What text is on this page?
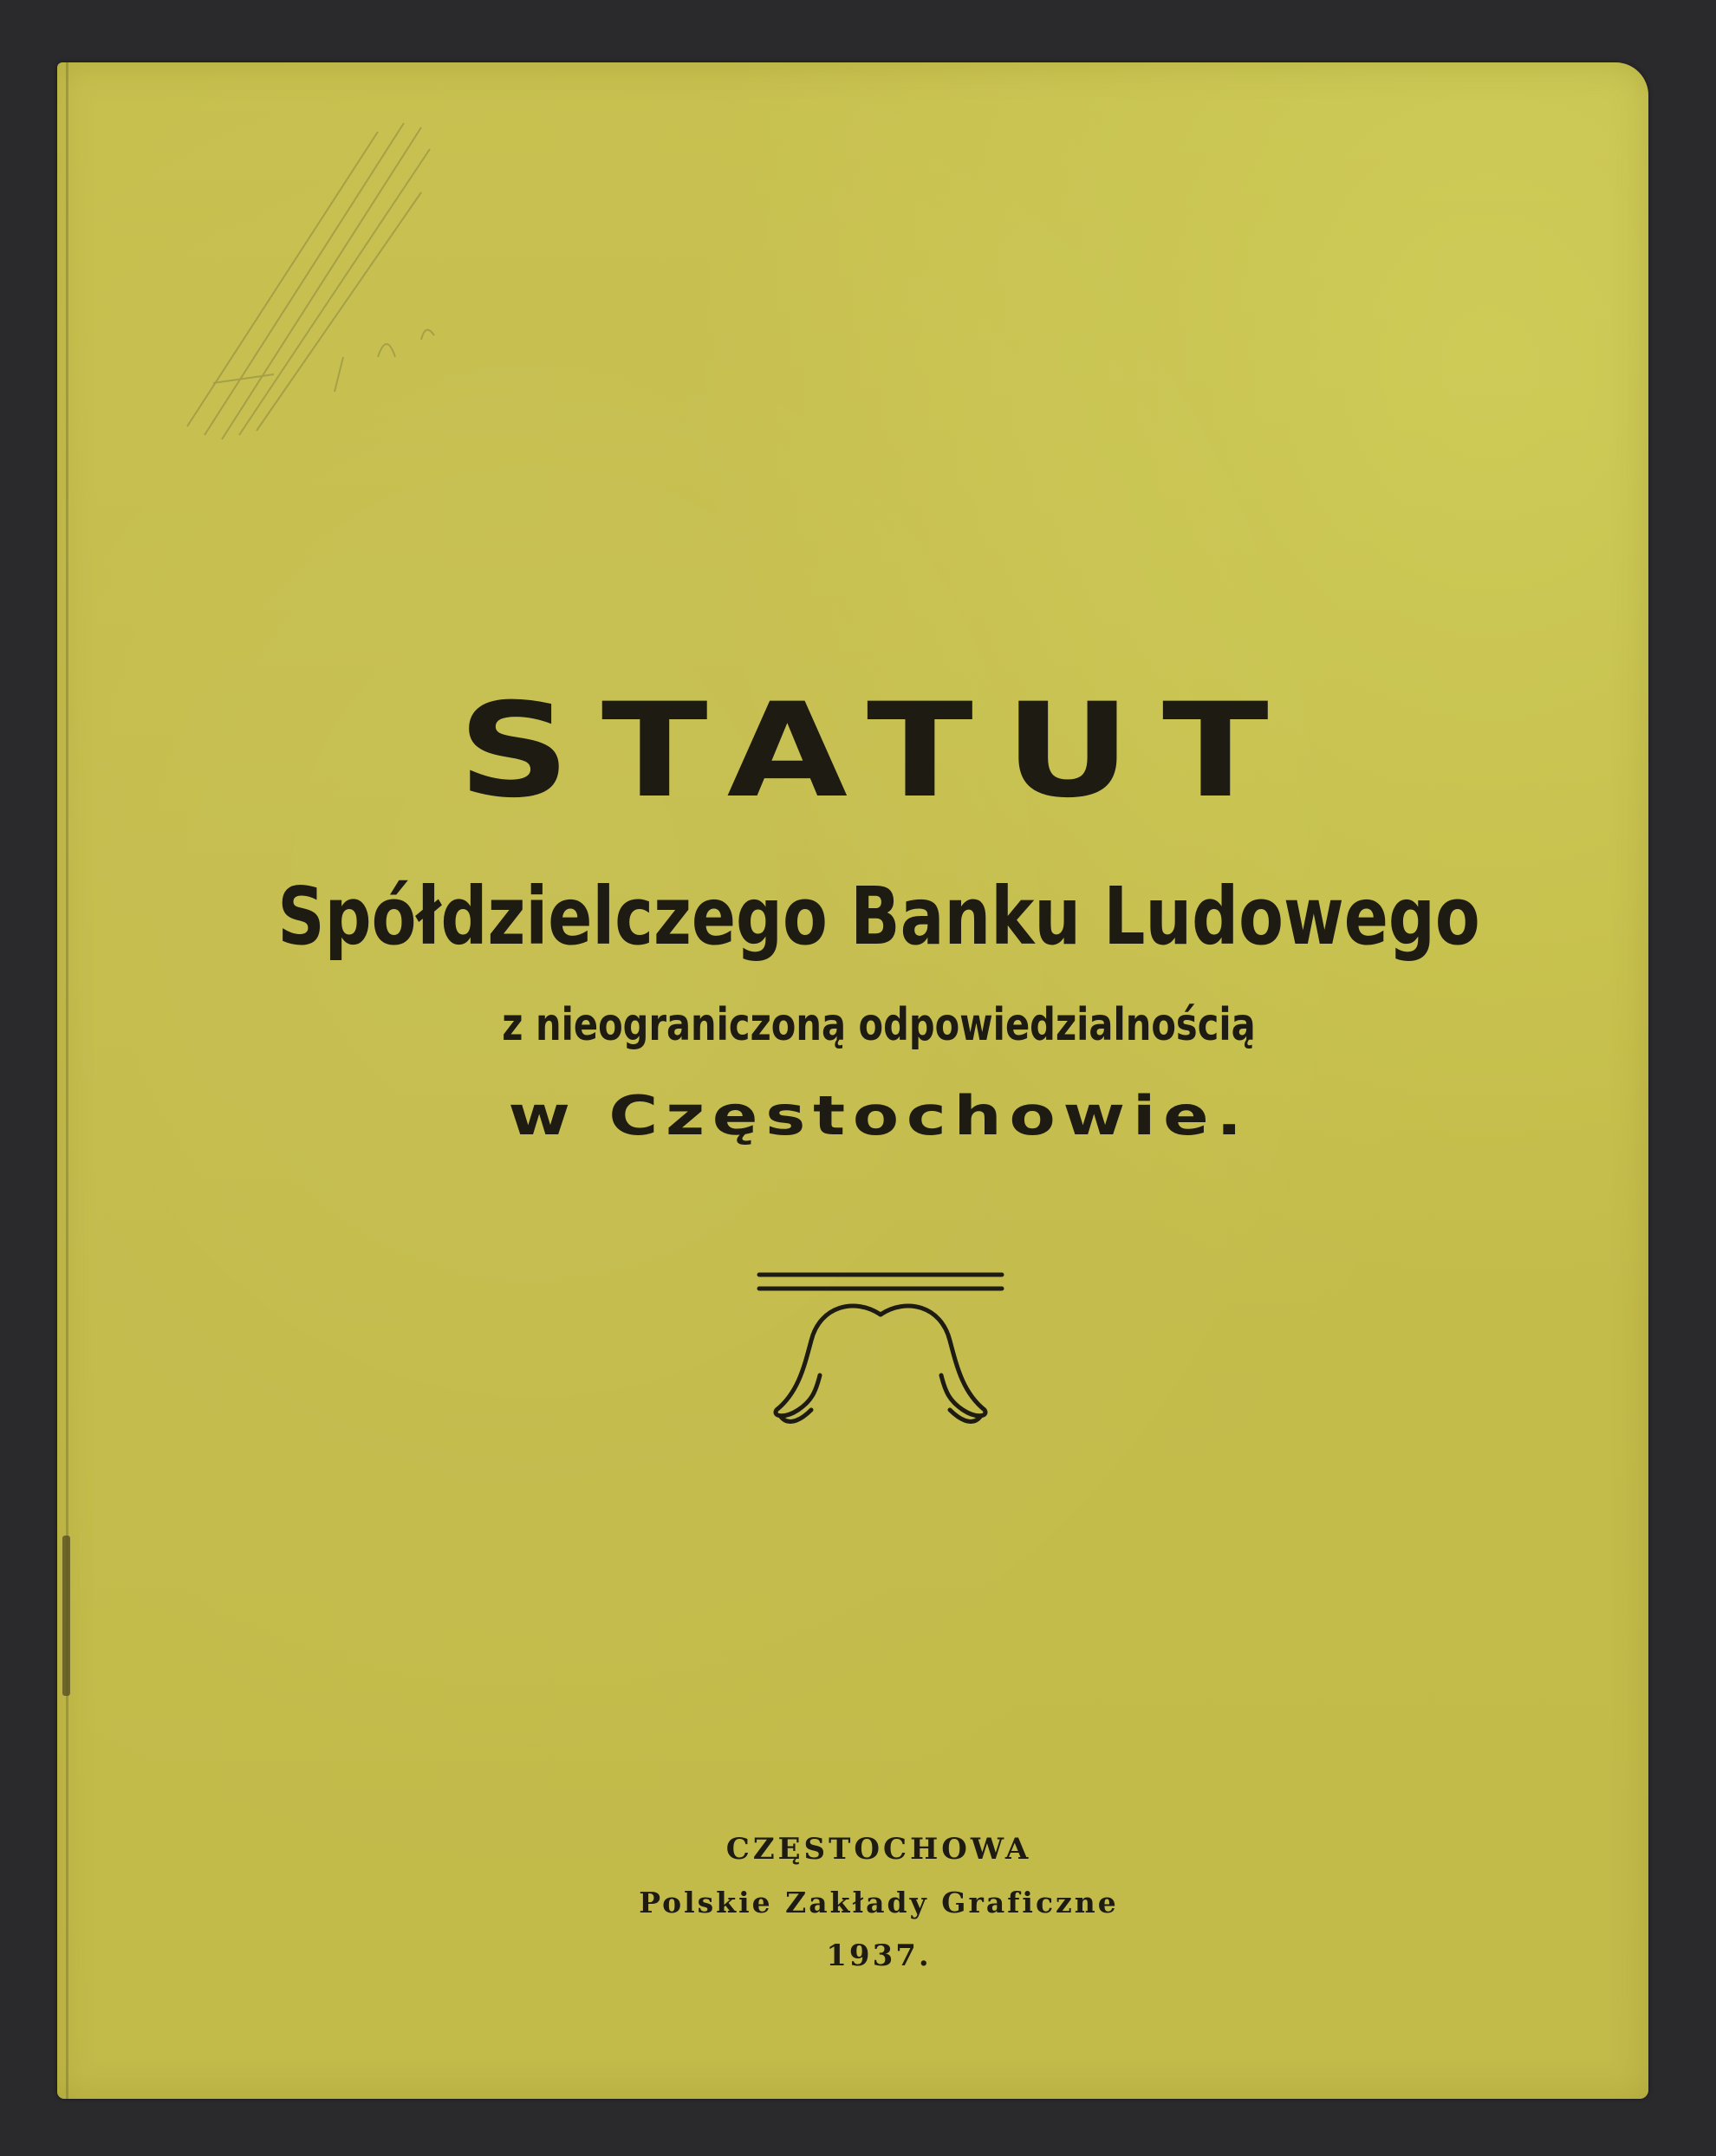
STATUT
Spółdzielczego Banku Ludowego

z nieograniczoną odpowiedzialnością

w Częstochowie.

CZĘSTOCHOWA

Polskie Zakłady Graficzne

1937.
